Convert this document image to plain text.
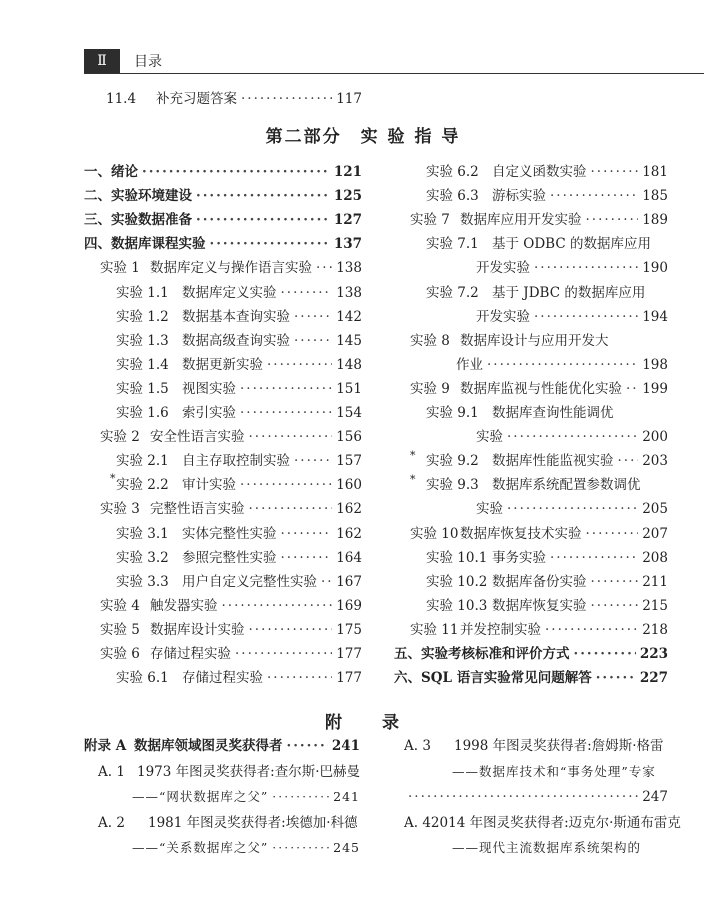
Ⅱ	目录
11.4	补充习题答案 ·····	117
第二部分　实 验 指 导
一、绪论 ·····	121
二、实验环境建设 ·····	125
三、实验数据准备 ·····	127
四、数据库课程实验 ·····	137
实验 1 数据库定义与操作语言实验 ····· 138
实验 1.1 数据库定义实验 ·····	138
实验 1.2 数据基本查询实验 ·····	142
实验 1.3 数据高级查询实验 ·····	145
实验 1.4 数据更新实验 ·····	148
实验 1.5 视图实验 ·····	151
实验 1.6 索引实验 ·····	154
实验 2 安全性语言实验 ·····	156
实验 2.1 自主存取控制实验 ·····	157
实验 2.2 审计实验 ·····	160
实验 3 完整性语言实验 ·····	162
实验 3.1 实体完整性实验 ·····	162
实验 3.2 参照完整性实验 ·····	164
实验 3.3 用户自定义完整性实验 ····· 167
实验 4 触发器实验 ·····	169
实验 5 数据库设计实验 ·····	175
实验 6 存储过程实验 ·····	177
实验 6.1 存储过程实验 ·····	177
实验 6.2 自定义函数实验 ·····	181
实验 6.3 游标实验 ·····	185
实验 7 数据库应用开发实验 ·····	189
实验 7.1 基于 ODBC 的数据库应用
开发实验 ·····	190
实验 7.2 基于 JDBC 的数据库应用
开发实验 ·····	194
实验 8 数据库设计与应用开发大
作业 ·····	198
实验 9 数据库监视与性能优化实验 ····· 199
实验 9.1 数据库查询性能调优
实验 ·····	200
实验 9.2 数据库性能监视实验 ····· 203
实验 9.3 数据库系统配置参数调优
实验 ·····	205
实验 10 数据库恢复技术实验 ·····	207
实验 10.1 事务实验 ·····	208
实验 10.2 数据库备份实验 ·····	211
实验 10.3 数据库恢复实验 ·····	215
实验 11 并发控制实验 ·····	218
五、实验考核标准和评价方式 ·····	223
六、SQL 语言实验常见问题解答 ·····	227
*
*
*
附　　录
附录 A 数据库领域图灵奖获得者 ·····	241
A. 1 1973 年图灵奖获得者:查尔斯·巴赫曼
——“网状数据库之父” ·····	241
A. 2	1981 年图灵奖获得者:埃德加·科德
——“关系数据库之父” ·····	245
A. 3	1998 年图灵奖获得者:詹姆斯·格雷
——数据库技术和“事务处理”专家
·····
247
A. 4 2014 年图灵奖获得者:迈克尔·斯通布雷克
——现代主流数据库系统架构的
